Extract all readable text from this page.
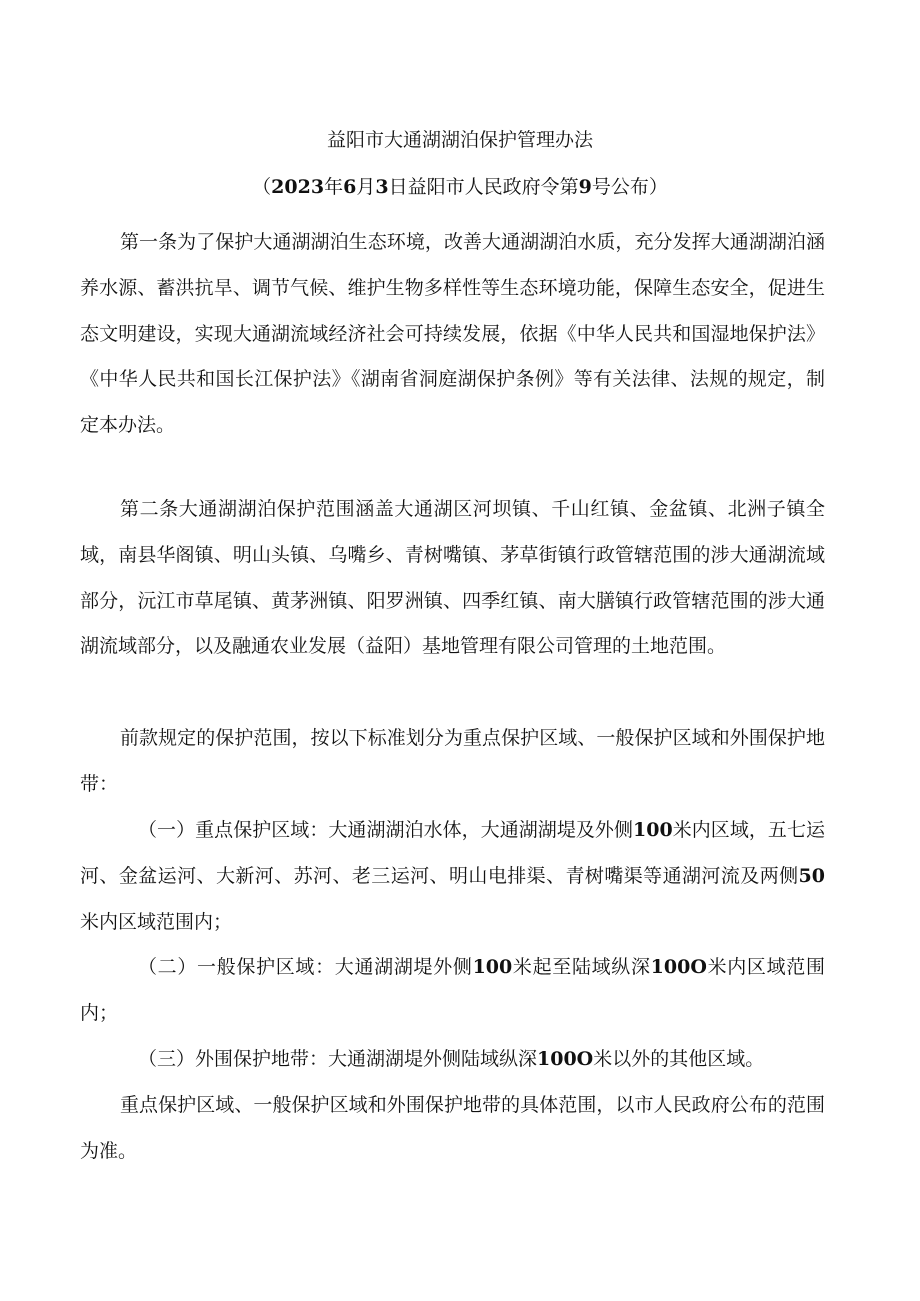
益阳市大通湖湖泊保护管理办法

（2023年6月3日益阳市人民政府令第9号公布）

第一条为了保护大通湖湖泊生态环境，改善大通湖湖泊水质，充分发挥大通湖湖泊涵养水源、蓄洪抗旱、调节气候、维护生物多样性等生态环境功能，保障生态安全，促进生态文明建设，实现大通湖流域经济社会可持续发展，依据《中华人民共和国湿地保护法》《中华人民共和国长江保护法》《湖南省洞庭湖保护条例》等有关法律、法规的规定，制定本办法。

第二条大通湖湖泊保护范围涵盖大通湖区河坝镇、千山红镇、金盆镇、北洲子镇全域，南县华阁镇、明山头镇、乌嘴乡、青树嘴镇、茅草街镇行政管辖范围的涉大通湖流域部分，沅江市草尾镇、黄茅洲镇、阳罗洲镇、四季红镇、南大膳镇行政管辖范围的涉大通湖流域部分，以及融通农业发展（益阳）基地管理有限公司管理的土地范围。

前款规定的保护范围，按以下标准划分为重点保护区域、一般保护区域和外围保护地带：

（一）重点保护区域：大通湖湖泊水体，大通湖湖堤及外侧100米内区域，五七运河、金盆运河、大新河、苏河、老三运河、明山电排渠、青树嘴渠等通湖河流及两侧50米内区域范围内；

（二）一般保护区域：大通湖湖堤外侧100米起至陆域纵深100O米内区域范围内；

（三）外围保护地带：大通湖湖堤外侧陆域纵深100O米以外的其他区域。

重点保护区域、一般保护区域和外围保护地带的具体范围，以市人民政府公布的范围为准。
